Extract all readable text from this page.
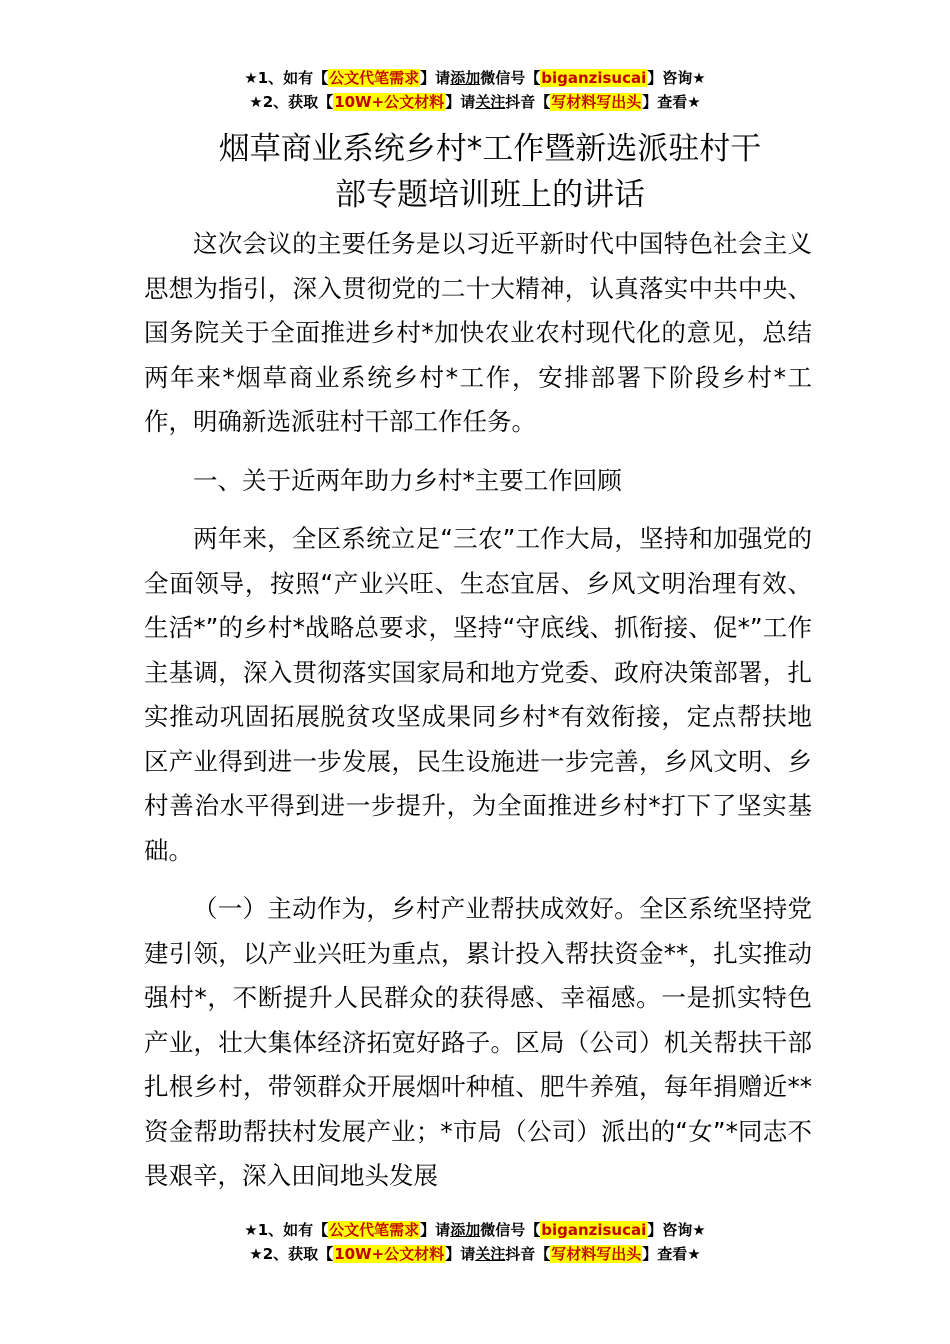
★1、如有【公文代笔需求】请添加微信号【biganzisucai】咨询★
★2、获取【10W+公文材料】请关注抖音【写材料写出头】查看★
烟草商业系统乡村*工作暨新选派驻村干
部专题培训班上的讲话

这次会议的主要任务是以习近平新时代中国特色社会主义思想为指引，深入贯彻党的二十大精神，认真落实中共中央、国务院关于全面推进乡村*加快农业农村现代化的意见，总结两年来*烟草商业系统乡村*工作，安排部署下阶段乡村*工作，明确新选派驻村干部工作任务。

一、关于近两年助力乡村*主要工作回顾

两年来，全区系统立足“三农”工作大局，坚持和加强党的全面领导，按照“产业兴旺、生态宜居、乡风文明治理有效、生活*”的乡村*战略总要求，坚持“守底线、抓衔接、促*”工作主基调，深入贯彻落实国家局和地方党委、政府决策部署，扎实推动巩固拓展脱贫攻坚成果同乡村*有效衔接，定点帮扶地区产业得到进一步发展，民生设施进一步完善，乡风文明、乡村善治水平得到进一步提升，为全面推进乡村*打下了坚实基础。

（一）主动作为，乡村产业帮扶成效好。全区系统坚持党建引领，以产业兴旺为重点，累计投入帮扶资金**，扎实推动强村*，不断提升人民群众的获得感、幸福感。一是抓实特色产业，壮大集体经济拓宽好路子。区局（公司）机关帮扶干部扎根乡村，带领群众开展烟叶种植、肥牛养殖，每年捐赠近**资金帮助帮扶村发展产业；*市局（公司）派出的“女”*同志不畏艰辛，深入田间地头发展

★1、如有【公文代笔需求】请添加微信号【biganzisucai】咨询★
★2、获取【10W+公文材料】请关注抖音【写材料写出头】查看★
